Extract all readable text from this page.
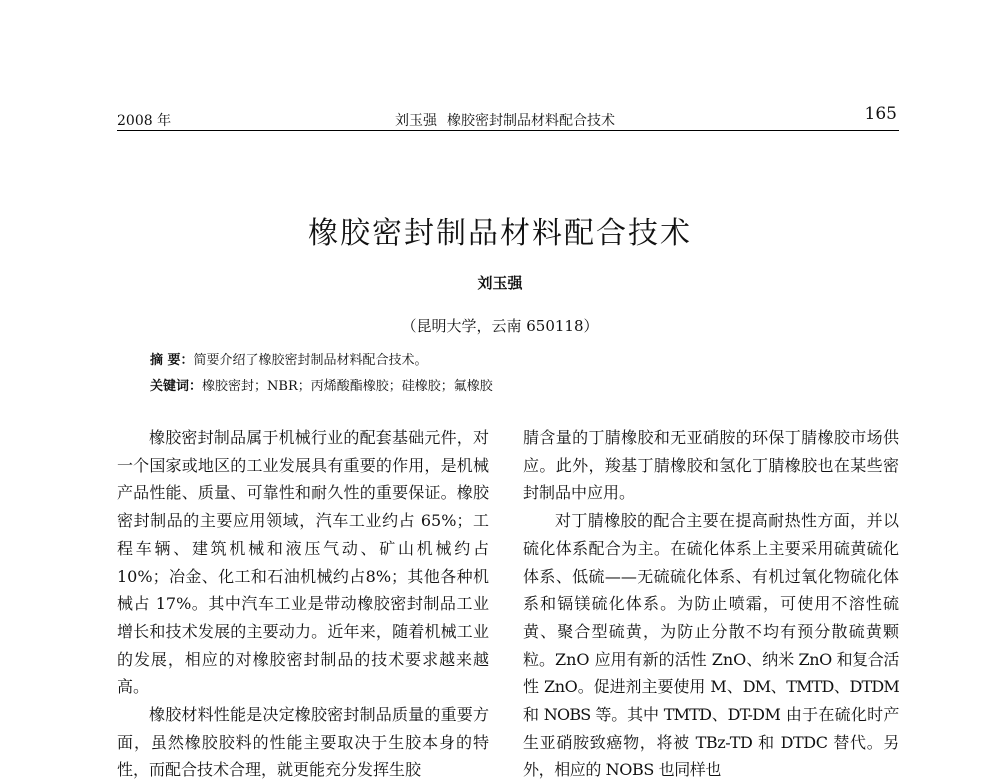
2008 年	刘玉强 橡胶密封制品材料配合技术	165
橡胶密封制品材料配合技术
刘玉强
（昆明大学，云南 650118）
摘 要：简要介绍了橡胶密封制品材料配合技术。
关键词：橡胶密封；NBR；丙烯酸酯橡胶；硅橡胶；氟橡胶

橡胶密封制品属于机械行业的配套基础元件，对一个国家或地区的工业发展具有重要的作用，是机械产品性能、质量、可靠性和耐久性的重要保证。橡胶密封制品的主要应用领域，汽车工业约占 65%；工程车辆、建筑机械和液压气动、矿山机械约占 10%；冶金、化工和石油机械约占8%；其他各种机械占 17%。其中汽车工业是带动橡胶密封制品工业增长和技术发展的主要动力。近年来，随着机械工业的发展，相应的对橡胶密封制品的技术要求越来越高。

橡胶材料性能是决定橡胶密封制品质量的重要方面，虽然橡胶胶料的性能主要取决于生胶本身的特性，而配合技术合理，就更能充分发挥生胶

腈含量的丁腈橡胶和无亚硝胺的环保丁腈橡胶市场供应。此外，羧基丁腈橡胶和氢化丁腈橡胶也在某些密封制品中应用。

对丁腈橡胶的配合主要在提高耐热性方面，并以硫化体系配合为主。在硫化体系上主要采用硫黄硫化体系、低硫——无硫硫化体系、有机过氧化物硫化体系和镉镁硫化体系。为防止喷霜，可使用不溶性硫黄、聚合型硫黄，为防止分散不均有预分散硫黄颗粒。ZnO 应用有新的活性 ZnO、纳米 ZnO 和复合活性 ZnO。促进剂主要使用 M、DM、TMTD、DTDM 和 NOBS 等。其中 TMTD、DT-DM 由于在硫化时产生亚硝胺致癌物，将被 TBz-TD 和 DTDC 替代。另外，相应的 NOBS 也同样也
